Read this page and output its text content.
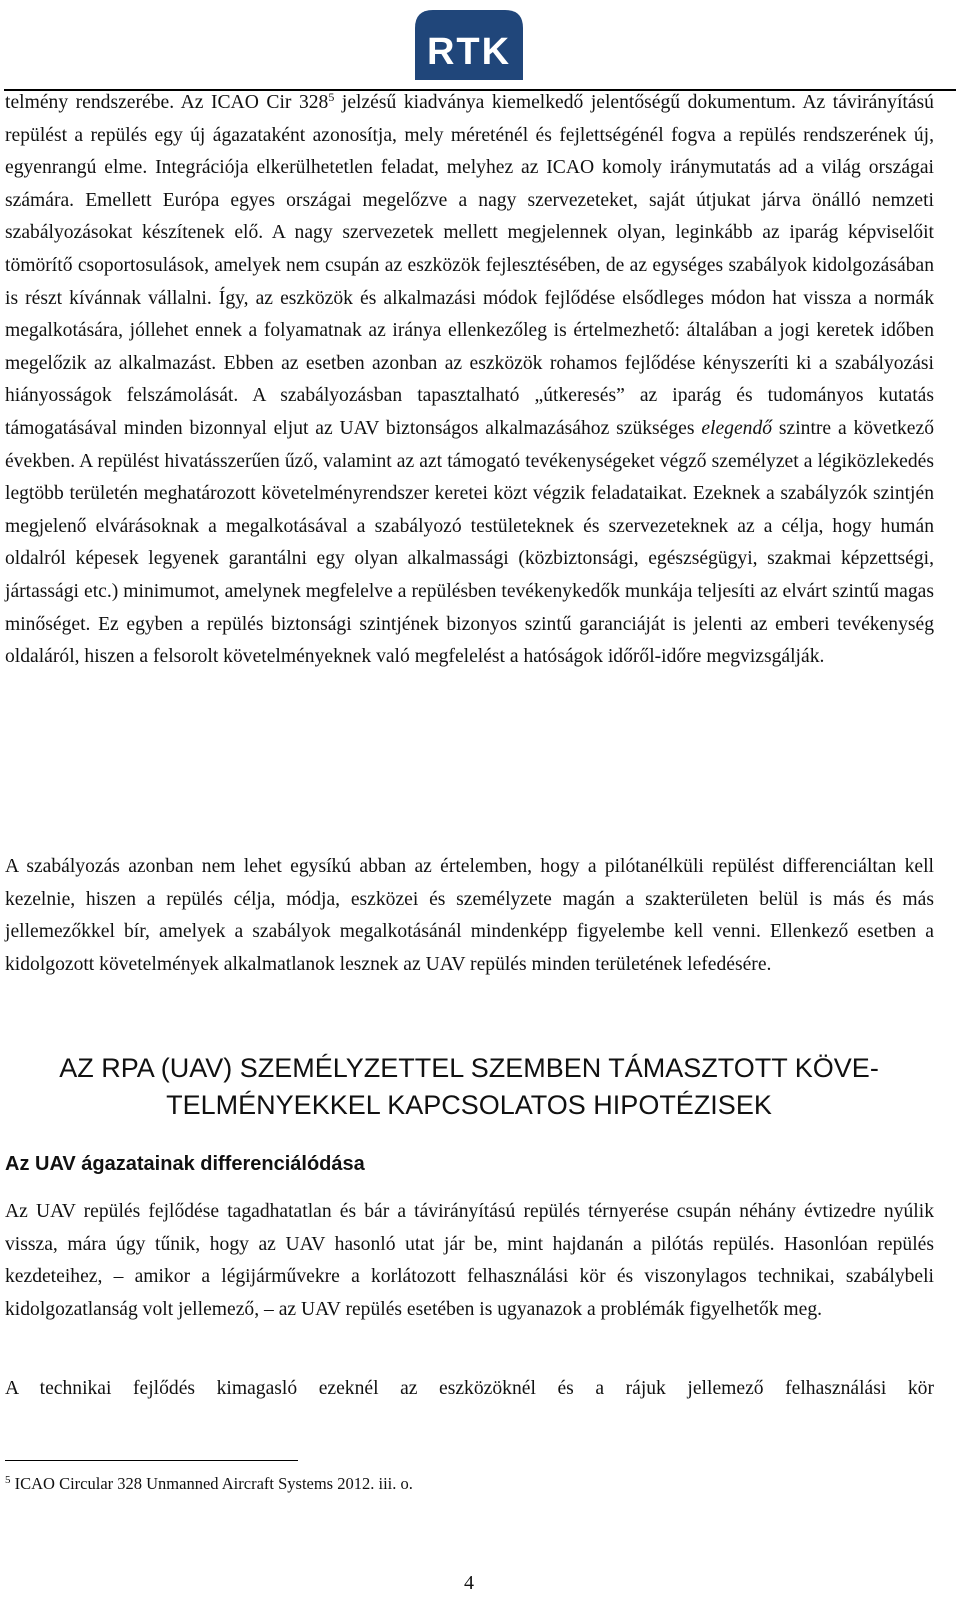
RTK

telmény rendszerébe. Az ICAO Cir $328^5$ jelzésű kiadványa kiemelkedő jelentőségű dokumentum. Az távirányítású repülést a repülés egy új ágazataként azonosítja, mely méreténél és fejlettségénél fogva a repülés rendszerének új, egyenrangú elme. Integrációja elkerülhetetlen feladat, melyhez az ICAO komoly iránymutatás ad a világ országai számára. Emellett Európa egyes országai megelőzve a nagy szervezeteket, saját útjukat járva önálló nemzeti szabályozásokat készítenek elő. A nagy szervezetek mellett megjelennek olyan, leginkább az iparág képviselőit tömörítő csoportosulások, amelyek nem csupán az eszközök fejlesztésében, de az egységes szabályok kidolgozásában is részt kívánnak vállalni. Így, az eszközök és alkalmazási módok fejlődése elsődleges módon hat vissza a normák megalkotására, jóllehet ennek a folyamatnak az iránya ellenkezőleg is értelmezhető: általában a jogi keretek időben megelőzik az alkalmazást. Ebben az esetben azonban az eszközök rohamos fejlődése kényszeríti ki a szabályozási hiányosságok felszámolását. A szabályozásban tapasztalható „útkeresés” az iparág és tudományos kutatás támogatásával minden bizonnyal eljut az UAV biztonságos alkalmazásához szükséges elegendő szintre a következő években. A repülést hivatásszerűen űző, valamint az azt támogató tevékenységeket végző személyzet a légiközlekedés legtöbb területén meghatározott követelményrendszer keretei közt végzik feladataikat. Ezeknek a szabályzók szintjén megjelenő elvárásoknak a megalkotásával a szabályozó testületeknek és szervezeteknek az a célja, hogy humán oldalról képesek legyenek garantálni egy olyan alkalmassági (közbiztonsági, egészségügyi, szakmai képzettségi, jártassági etc.) minimumot, amelynek megfelelve a repülésben tevékenykedők munkája teljesíti az elvárt szintű magas minőséget. Ez egyben a repülés biztonsági szintjének bizonyos szintű garanciáját is jelenti az emberi tevékenység oldaláról, hiszen a felsorolt követelményeknek való megfelelést a hatóságok időről-időre megvizsgálják.

A szabályozás azonban nem lehet egysíkú abban az értelemben, hogy a pilótanélküli repülést differenciáltan kell kezelnie, hiszen a repülés célja, módja, eszközei és személyzete magán a szakterületen belül is más és más jellemezőkkel bír, amelyek a szabályok megalkotásánál mindenképp figyelembe kell venni. Ellenkező esetben a kidolgozott követelmények alkalmatlanok lesznek az UAV repülés minden területének lefedésére.

AZ RPA (UAV) SZEMÉLYZETTEL SZEMBEN TÁMASZTOTT KÖVE-
TELMÉNYEKKEL KAPCSOLATOS HIPOTÉZISEK
Az UAV ágazatainak differenciálódása

Az UAV repülés fejlődése tagadhatatlan és bár a távirányítású repülés térnyerése csupán néhány évtizedre nyúlik vissza, mára úgy tűnik, hogy az UAV hasonló utat jár be, mint hajdanán a pilótás repülés. Hasonlóan repülés kezdeteihez, – amikor a légijárművekre a korlátozott felhasználási kör és viszonylagos technikai, szabálybeli kidolgozatlanság volt jellemező, – az UAV repülés esetében is ugyanazok a problémák figyelhetők meg.

A technikai fejlődés kimagasló ezeknél az eszközöknél és a rájuk jellemező felhasználási kör

$^5$ ICAO Circular 328 Unmanned Aircraft Systems 2012. iii. o.

4
